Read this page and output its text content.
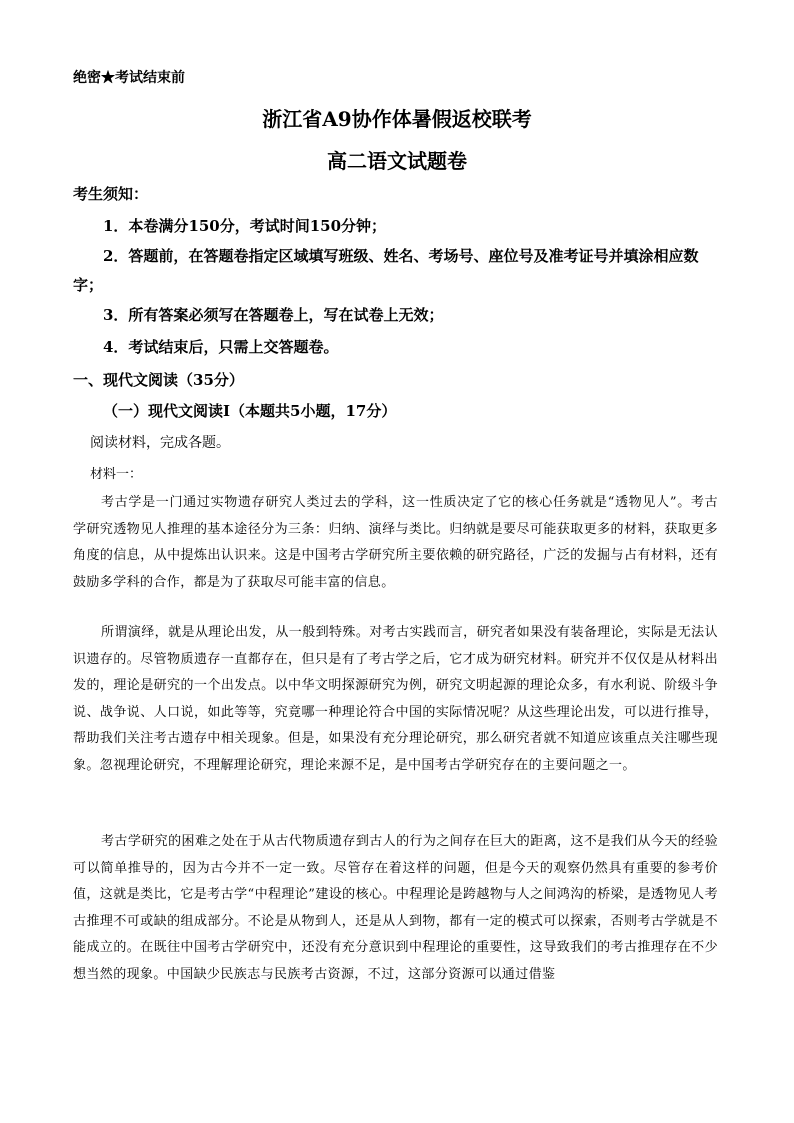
绝密★考试结束前
浙江省A9协作体暑假返校联考
高二语文试题卷
考生须知：
1．本卷满分150分，考试时间150分钟；
2．答题前，在答题卷指定区域填写班级、姓名、考场号、座位号及准考证号并填涂相应数字；
3．所有答案必须写在答题卷上，写在试卷上无效；
4．考试结束后，只需上交答题卷。
一、现代文阅读（35分）
（一）现代文阅读Ⅰ（本题共5小题，17分）
阅读材料，完成各题。
材料一：
考古学是一门通过实物遗存研究人类过去的学科，这一性质决定了它的核心任务就是“透物见人”。考古学研究透物见人推理的基本途径分为三条：归纳、演绎与类比。归纳就是要尽可能获取更多的材料，获取更多角度的信息，从中提炼出认识来。这是中国考古学研究所主要依赖的研究路径，广泛的发掘与占有材料，还有鼓励多学科的合作，都是为了获取尽可能丰富的信息。
所谓演绎，就是从理论出发，从一般到特殊。对考古实践而言，研究者如果没有装备理论，实际是无法认识遗存的。尽管物质遗存一直都存在，但只是有了考古学之后，它才成为研究材料。研究并不仅仅是从材料出发的，理论是研究的一个出发点。以中华文明探源研究为例，研究文明起源的理论众多，有水利说、阶级斗争说、战争说、人口说，如此等等，究竟哪一种理论符合中国的实际情况呢？从这些理论出发，可以进行推导，帮助我们关注考古遗存中相关现象。但是，如果没有充分理论研究，那么研究者就不知道应该重点关注哪些现象。忽视理论研究，不理解理论研究，理论来源不足，是中国考古学研究存在的主要问题之一。
考古学研究的困难之处在于从古代物质遗存到古人的行为之间存在巨大的距离，这不是我们从今天的经验可以简单推导的，因为古今并不一定一致。尽管存在着这样的问题，但是今天的观察仍然具有重要的参考价值，这就是类比，它是考古学“中程理论”建设的核心。中程理论是跨越物与人之间鸿沟的桥梁，是透物见人考古推理不可或缺的组成部分。不论是从物到人，还是从人到物，都有一定的模式可以探索，否则考古学就是不能成立的。在既往中国考古学研究中，还没有充分意识到中程理论的重要性，这导致我们的考古推理存在不少想当然的现象。中国缺少民族志与民族考古资源，不过，这部分资源可以通过借鉴
